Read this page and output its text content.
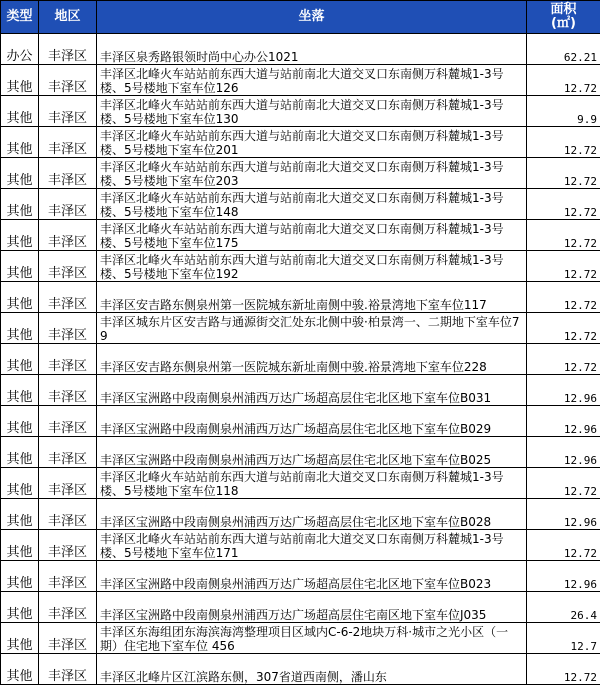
类型	地区	坐落	面积
(㎡)
办公	丰泽区	丰泽区泉秀路银领时尚中心办公1021	62.21
其他	丰泽区	丰泽区北峰火车站站前东西大道与站前南北大道交叉口东南侧万科麓城1-3号楼、5号楼地下室车位126	12.72
其他	丰泽区	丰泽区北峰火车站站前东西大道与站前南北大道交叉口东南侧万科麓城1-3号楼、5号楼地下室车位130	9.9
其他	丰泽区	丰泽区北峰火车站站前东西大道与站前南北大道交叉口东南侧万科麓城1-3号楼、5号楼地下室车位201	12.72
其他	丰泽区	丰泽区北峰火车站站前东西大道与站前南北大道交叉口东南侧万科麓城1-3号楼、5号楼地下室车位203	12.72
其他	丰泽区	丰泽区北峰火车站站前东西大道与站前南北大道交叉口东南侧万科麓城1-3号楼、5号楼地下室车位148	12.72
其他	丰泽区	丰泽区北峰火车站站前东西大道与站前南北大道交叉口东南侧万科麓城1-3号楼、5号楼地下室车位175	12.72
其他	丰泽区	丰泽区北峰火车站站前东西大道与站前南北大道交叉口东南侧万科麓城1-3号楼、5号楼地下室车位192	12.72
其他	丰泽区	丰泽区安吉路东侧泉州第一医院城东新址南侧中骏.裕景湾地下室车位117	12.72
其他	丰泽区	丰泽区城东片区安吉路与通源街交汇处东北侧中骏·柏景湾一、二期地下室车位79	12.72
其他	丰泽区	丰泽区安吉路东侧泉州第一医院城东新址南侧中骏.裕景湾地下室车位228	12.72
其他	丰泽区	丰泽区宝洲路中段南侧泉州浦西万达广场超高层住宅北区地下室车位B031	12.96
其他	丰泽区	丰泽区宝洲路中段南侧泉州浦西万达广场超高层住宅北区地下室车位B029	12.96
其他	丰泽区	丰泽区宝洲路中段南侧泉州浦西万达广场超高层住宅北区地下室车位B025	12.96
其他	丰泽区	丰泽区北峰火车站站前东西大道与站前南北大道交叉口东南侧万科麓城1-3号楼、5号楼地下室车位118	12.72
其他	丰泽区	丰泽区宝洲路中段南侧泉州浦西万达广场超高层住宅北区地下室车位B028	12.96
其他	丰泽区	丰泽区北峰火车站站前东西大道与站前南北大道交叉口东南侧万科麓城1-3号楼、5号楼地下室车位171	12.72
其他	丰泽区	丰泽区宝洲路中段南侧泉州浦西万达广场超高层住宅北区地下室车位B023	12.96
其他	丰泽区	丰泽区宝洲路中段南侧泉州浦西万达广场超高层住宅南区地下室车位J035	26.4
其他	丰泽区	丰泽区东海组团东海滨海湾整理项目区域内C-6-2地块万科·城市之光小区（一期）住宅地下室车位 456	12.7
其他	丰泽区	丰泽区北峰片区江滨路东侧，307省道西南侧，潘山东	12.72
